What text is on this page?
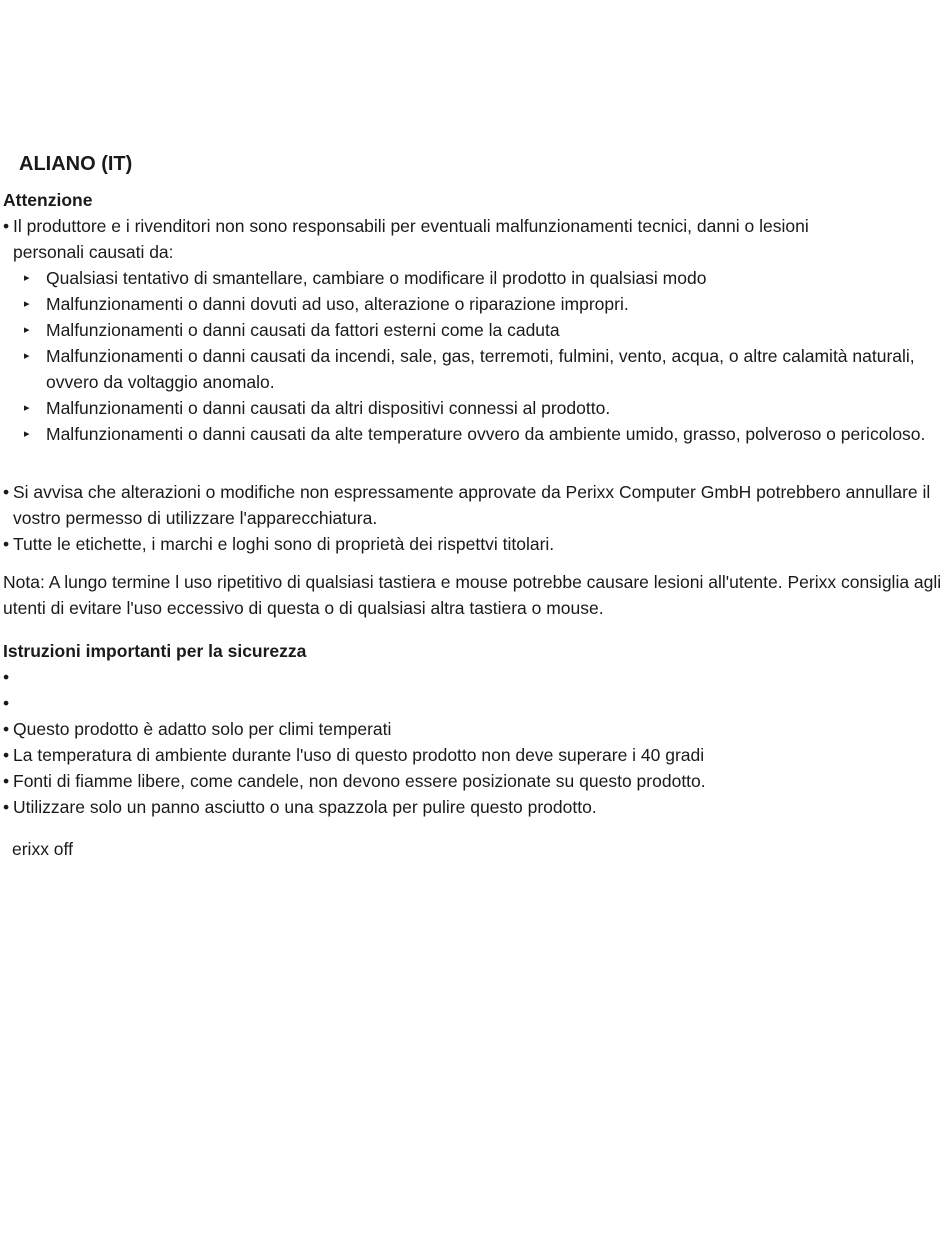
ALIANO (IT)
Attenzione
• Il produttore e i rivenditori non sono responsabili per eventuali malfunzionamenti tecnici, danni o lesioni personali causati da:
▸ Qualsiasi tentativo di smantellare, cambiare o modificare il prodotto in qualsiasi modo
▸ Malfunzionamenti o danni dovuti ad uso, alterazione o riparazione impropri.
▸ Malfunzionamenti o danni causati da fattori esterni come la caduta
▸ Malfunzionamenti o danni causati da incendi, sale, gas, terremoti, fulmini, vento, acqua, o altre calamità naturali, ovvero da voltaggio anomalo.
▸ Malfunzionamenti o danni causati da altri dispositivi connessi al prodotto.
▸ Malfunzionamenti o danni causati da alte temperature ovvero da ambiente umido, grasso, polveroso o pericoloso.
• Si avvisa che alterazioni o modifiche non espressamente approvate da Perixx Computer GmbH potrebbero annullare il vostro permesso di utilizzare l'apparecchiatura.
• Tutte le etichette, i marchi e loghi sono di proprietà dei rispettvi titolari.

Nota: A lungo termine l uso ripetitivo di qualsiasi tastiera e mouse potrebbe causare lesioni all'utente. Perixx consiglia agli utenti di evitare l'uso eccessivo di questa o di qualsiasi altra tastiera o mouse.

Istruzioni importanti per la sicurezza
•

•

• Questo prodotto è adatto solo per climi temperati
• La temperatura di ambiente durante l'uso di questo prodotto non deve superare i 40 gradi
• Fonti di fiamme libere, come candele, non devono essere posizionate su questo prodotto.
• Utilizzare solo un panno asciutto o una spazzola per pulire questo prodotto.
erixx off
